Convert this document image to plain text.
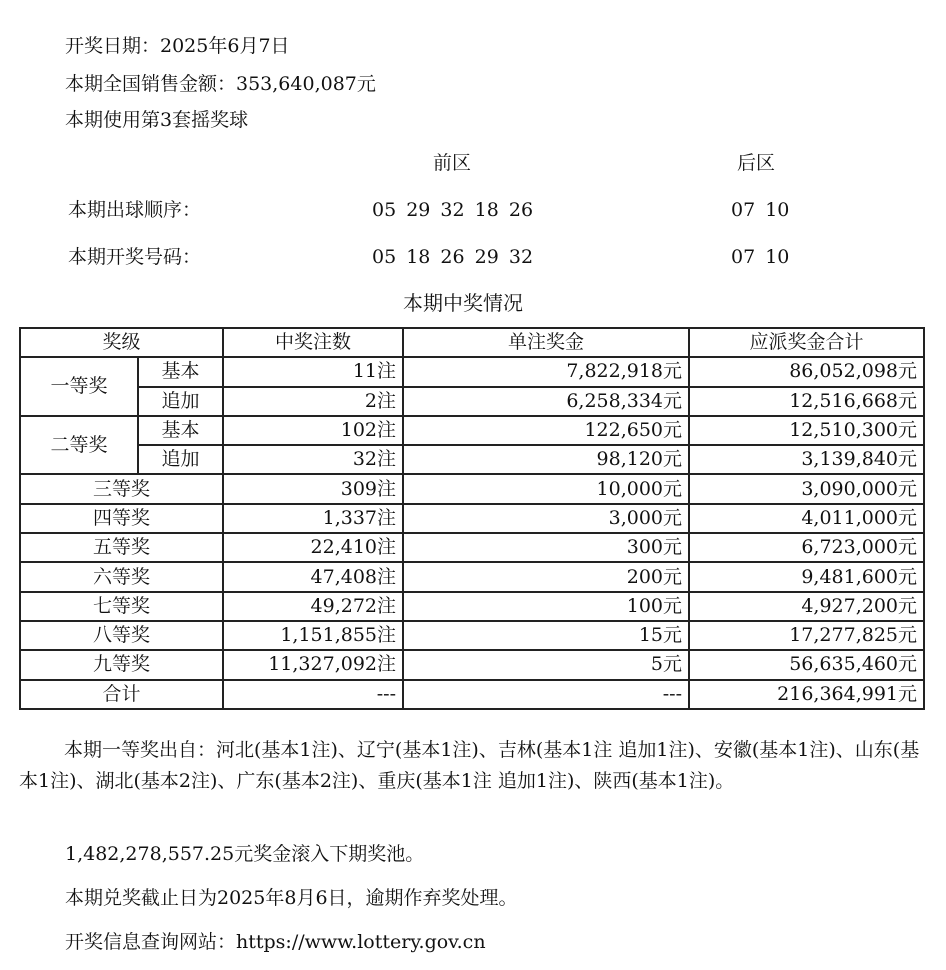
开奖日期：2025年6月7日
本期全国销售金额：353,640,087元
本期使用第3套摇奖球
前区	后区
本期出球顺序：	05 29 32 18 26	07 10
本期开奖号码：	05 18 26 29 32	07 10
本期中奖情况
奖级		中奖注数	单注奖金	应派奖金合计
一等奖	基本	11注	7,822,918元	86,052,098元
	追加	2注	6,258,334元	12,516,668元
二等奖	基本	102注	122,650元	12,510,300元
	追加	32注	98,120元	3,139,840元
三等奖		309注	10,000元	3,090,000元
四等奖		1,337注	3,000元	4,011,000元
五等奖		22,410注	300元	6,723,000元
六等奖		47,408注	200元	9,481,600元
七等奖		49,272注	100元	4,927,200元
八等奖		1,151,855注	15元	17,277,825元
九等奖		11,327,092注	5元	56,635,460元
合计		---	---	216,364,991元
本期一等奖出自：河北(基本1注)、辽宁(基本1注)、吉林(基本1注 追加1注)、安徽(基本1注)、山东(基本1注)、湖北(基本2注)、广东(基本2注)、重庆(基本1注 追加1注)、陕西(基本1注)。
1,482,278,557.25元奖金滚入下期奖池。
本期兑奖截止日为2025年8月6日，逾期作弃奖处理。
开奖信息查询网站：https://www.lottery.gov.cn
